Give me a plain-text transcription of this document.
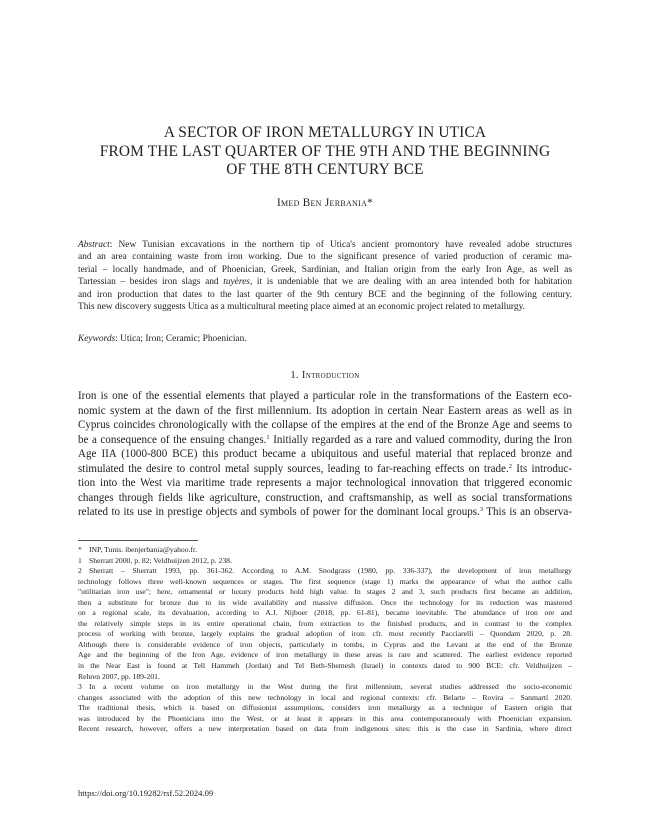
A SECTOR OF IRON METALLURGY IN UTICA
FROM THE LAST QUARTER OF THE 9TH AND THE BEGINNING
OF THE 8TH CENTURY BCE
Imed Ben Jerbania*
Abstract: New Tunisian excavations in the northern tip of Utica's ancient promontory have revealed adobe structures
and an area containing waste from iron working. Due to the significant presence of varied production of ceramic ma-
terial – locally handmade, and of Phoenician, Greek, Sardinian, and Italian origin from the early Iron Age, as well as
Tartessian – besides iron slags and tuyères, it is undeniable that we are dealing with an area intended both for habitation
and iron production that dates to the last quarter of the 9th century BCE and the beginning of the following century.
This new discovery suggests Utica as a multicultural meeting place aimed at an economic project related to metallurgy.
Keywords: Utica; Iron; Ceramic; Phoenician.
1. Introduction
Iron is one of the essential elements that played a particular role in the transformations of the Eastern eco-
nomic system at the dawn of the first millennium. Its adoption in certain Near Eastern areas as well as in
Cyprus coincides chronologically with the collapse of the empires at the end of the Bronze Age and seems to
be a consequence of the ensuing changes.$^1$ Initially regarded as a rare and valued commodity, during the Iron
Age IIA (1000-800 BCE) this product became a ubiquitous and useful material that replaced bronze and
stimulated the desire to control metal supply sources, leading to far-reaching effects on trade.$^2$ Its introduc-
tion into the West via maritime trade represents a major technological innovation that triggered economic
changes through fields like agriculture, construction, and craftsmanship, as well as social transformations
related to its use in prestige objects and symbols of power for the dominant local groups.$^3$ This is an observa-
* INP, Tunis. ibenjerbania@yahoo.fr.
1 Sherratt 2000, p. 82; Veldhuijzen 2012, p. 238.
2 Sherratt – Sherratt 1993, pp. 361-362. According to A.M. Snodgrass (1980, pp. 336-337), the development of iron metallurgy
technology follows three well-known sequences or stages. The first sequence (stage 1) marks the appearance of what the author calls
"utilitarian iron use"; here, ornamental or luxury products hold high value. In stages 2 and 3, such products first became an addition,
then a substitute for bronze due to its wide availability and massive diffusion. Once the technology for its reduction was mastered
on a regional scale, its devaluation, according to A.J. Nijboer (2018, pp. 61-81), became inevitable. The abundance of iron ore and
the relatively simple steps in its entire operational chain, from extraction to the finished products, and in contrast to the complex
process of working with bronze, largely explains the gradual adoption of iron: cfr. most recently Pacciarelli – Quondam 2020, p. 28.
Although there is considerable evidence of iron objects, particularly in tombs, in Cyprus and the Levant at the end of the Bronze
Age and the beginning of the Iron Age, evidence of iron metallurgy in these areas is rare and scattered. The earliest evidence reported
in the Near East is found at Tell Hammeh (Jordan) and Tel Beth-Shemesh (Israel) in contexts dated to 900 BCE: cfr. Veldhuijzen –
Rehren 2007, pp. 189-201.
3 In a recent volume on iron metallurgy in the West during the first millennium, several studies addressed the socio-economic
changes associated with the adoption of this new technology in local and regional contexts: cfr. Belarte – Rovira – Sanmartí 2020.
The traditional thesis, which is based on diffusionist assumptions, considers iron metallurgy as a technique of Eastern origin that
was introduced by the Phoenicians into the West, or at least it appears in this area contemporaneously with Phoenician expansion.
Recent research, however, offers a new interpretation based on data from indigenous sites: this is the case in Sardinia, where direct
https://doi.org/10.19282/rsf.52.2024.09
